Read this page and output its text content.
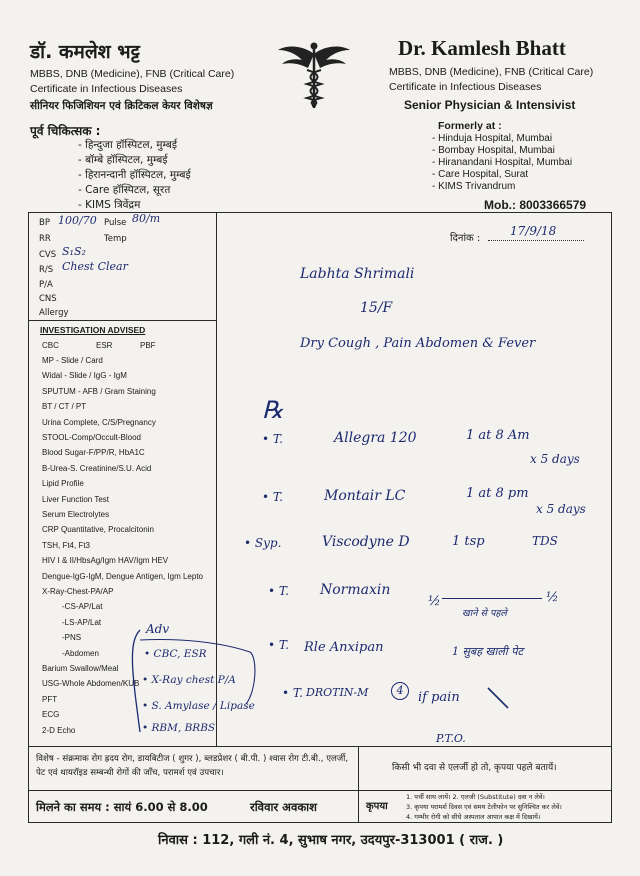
डॉ. कमलेश भट्ट
MBBS, DNB (Medicine), FNB (Critical Care)
Certificate in Infectious Diseases
सीनियर फिजिशियन एवं क्रिटिकल केयर विशेषज्ञ
पूर्व चिकित्सक :
- हिन्दुजा हॉस्पिटल, मुम्बई
- बॉम्बे हॉस्पिटल, मुम्बई
- हिरानन्दानी हॉस्पिटल, मुम्बई
- Care हॉस्पिटल, सूरत
- KIMS त्रिवेंद्रम
Dr. Kamlesh Bhatt
MBBS, DNB (Medicine), FNB (Critical Care)
Certificate in Infectious Diseases
Senior Physician & Intensivist
Formerly at :
- Hinduja Hospital, Mumbai
- Bombay Hospital, Mumbai
- Hiranandani Hospital, Mumbai
- Care Hospital, Surat
- KIMS Trivandrum
Mob.: 8003366579
BP 100/70 Pulse 80/m
RR	Temp
CVS S₁S₂
R/S Chest Clear
P/A
CNS
Allergy
INVESTIGATION ADVISED
CBC	ESR	PBF
MP - Slide / Card
Widal - Slide / IgG - IgM
SPUTUM - AFB / Gram Staining
BT / CT / PT
Urina Complete, C/S/Pregnancy
STOOL-Comp/Occult-Blood
Blood Sugar-F/PP/R, HbA1C
B-Urea-S. Creatinine/S.U. Acid
Lipid Profile
Liver Function Test
Serum Electrolytes
CRP Quantitative, Procalcitonin
TSH, Ft4, Ft3
HIV I & II/HbsAg/Igm HAV/Igm HEV
Dengue-IgG-IgM, Dengue Antigen, Igm Lepto
X-Ray-Chest-PA/AP
-CS-AP/Lat
-LS-AP/Lat
-PNS
-Abdomen
Barium Swallow/Meal
USG-Whole Abdomen/KUB
PFT
ECG
2-D Echo
Adv
• CBC, ESR
• X-Ray chest P/A
• S. Amylase / Lipase
• RBM, BRBS
दिनांक :
17/9/18
Labhta Shrimali
15/F
Dry Cough , Pain Abdomen & Fever
℞
• T.	Allegra 120	1 at 8 Am
x 5 days
• T.	Montair LC	1 at 8 pm
x 5 days
• Syp.	Viscodyne D	1 tsp	TDS
• T. Normaxin
½
खाने से पहले
½
• T. Rle Anxipan	1 सुबह खाली पेट
• T. DROTIN-M	4	if pain
P.T.O.
विशेष - संक्रमाक रोग ह्रदय रोग, डायबिटीज ( शुगर ), ब्लडप्रेशर ( बी.पी. ) श्वास रोग टी.बी., एलर्जी, पेट एवं थायरॉइड सम्बन्धी रोगों की जाँच, परामर्श एवं उपचार।	किसी भी दवा से एलर्जी हो तो, कृपया पहले बतायें।
मिलने का समय : सायं 6.00 से 8.00	रविवार अवकाश	कृपया
1. पर्ची साथ लायें। 2. एलजी (Substitute) दवा न लेवें।
3. कृपया परामर्श दिवस एवं समय टेलीफोन पर सुनिश्चित कर लेवें।
4. गम्भीर रोगी को सीधे अस्पताल आपात कक्ष में दिखायें।
निवास : 112, गली नं. 4, सुभाष नगर, उदयपुर-313001 ( राज. )
